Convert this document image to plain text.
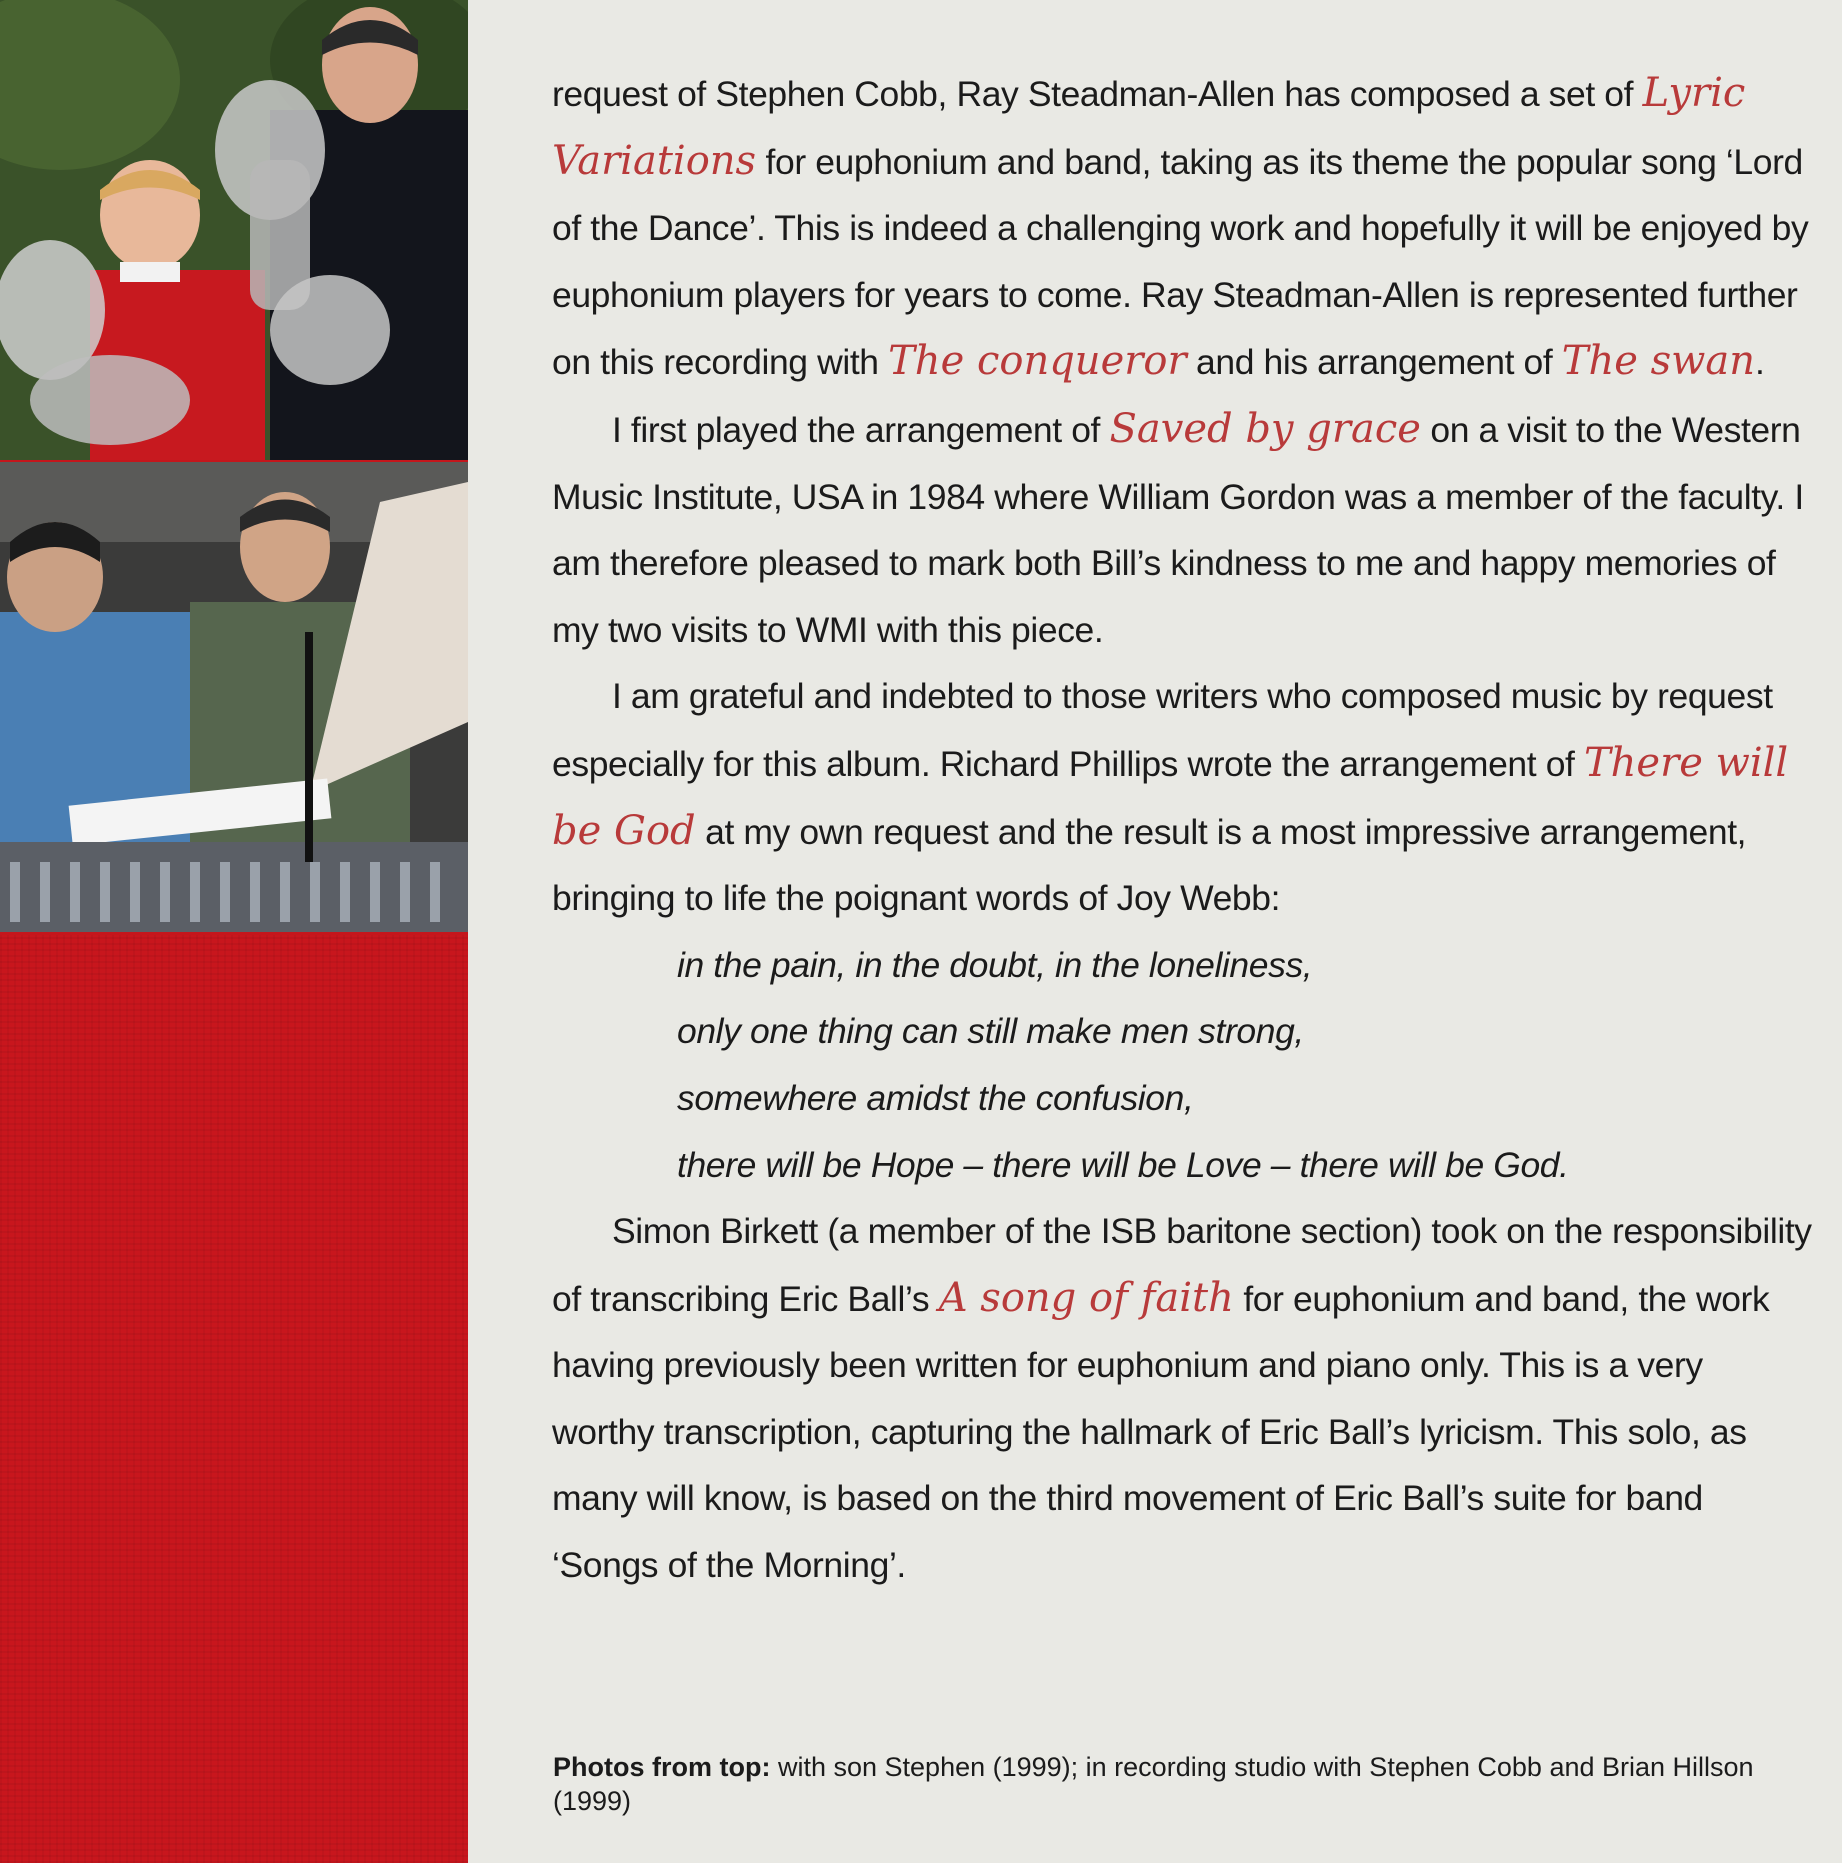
request of Stephen Cobb, Ray Steadman-Allen has composed a set of Lyric Variations for euphonium and band, taking as its theme the popular song ‘Lord of the Dance’. This is indeed a challenging work and hopefully it will be enjoyed by euphonium players for years to come. Ray Steadman-Allen is represented further on this recording with The conqueror and his arrangement of The swan.

I first played the arrangement of Saved by grace on a visit to the Western Music Institute, USA in 1984 where William Gordon was a member of the faculty. I am therefore pleased to mark both Bill’s kindness to me and happy memories of my two visits to WMI with this piece.

I am grateful and indebted to those writers who composed music by request especially for this album. Richard Phillips wrote the arrangement of There will be God at my own request and the result is a most impressive arrangement, bringing to life the poignant words of Joy Webb:

in the pain, in the doubt, in the loneliness,
only one thing can still make men strong,
somewhere amidst the confusion,
there will be Hope – there will be Love – there will be God.

Simon Birkett (a member of the ISB baritone section) took on the responsibility of transcribing Eric Ball’s A song of faith for euphonium and band, the work having previously been written for euphonium and piano only. This is a very worthy transcription, capturing the hallmark of Eric Ball’s lyricism. This solo, as many will know, is based on the third movement of Eric Ball’s suite for band ‘Songs of the Morning’.

Photos from top: with son Stephen (1999); in recording studio with Stephen Cobb and Brian Hillson (1999)
